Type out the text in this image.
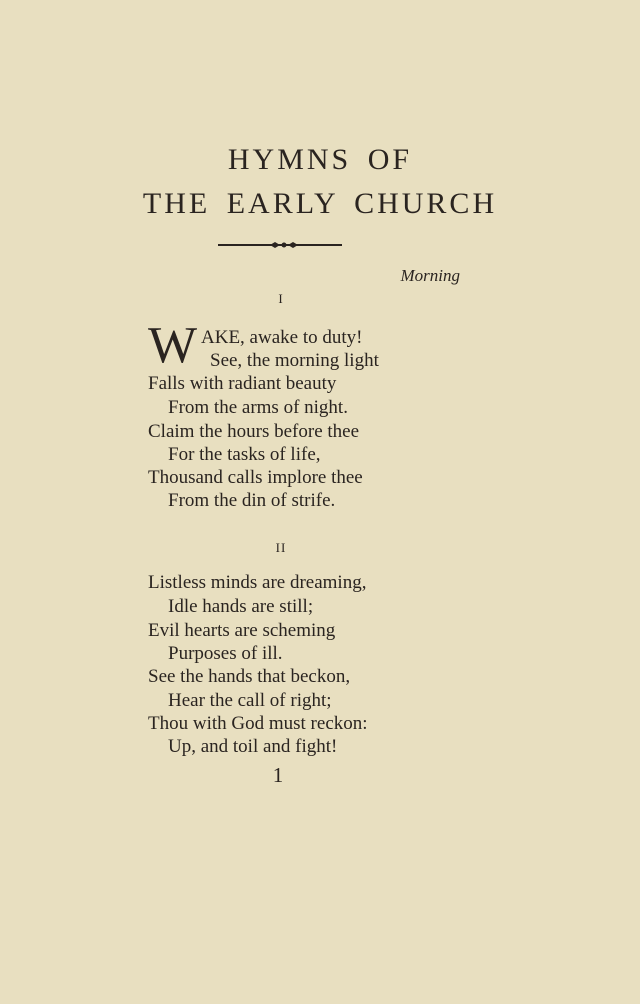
HYMNS OF
THE EARLY CHURCH
Morning
I
W AKE, awake to duty!
See, the morning light
Falls with radiant beauty
From the arms of night.
Claim the hours before thee
For the tasks of life,
Thousand calls implore thee
From the din of strife.
II
Listless minds are dreaming,
Idle hands are still;
Evil hearts are scheming
Purposes of ill.
See the hands that beckon,
Hear the call of right;
Thou with God must reckon:
Up, and toil and fight!
1
